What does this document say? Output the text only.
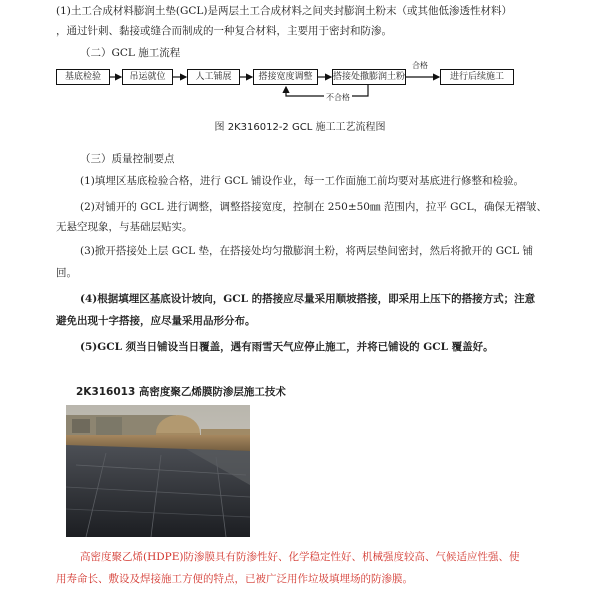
(1)土工合成材料膨润土垫(GCL)是两层土工合成材料之间夹封膨润土粉末（或其他低渗透性材料）

，通过针刺、黏接或缝合而制成的一种复合材料，主要用于密封和防渗。

（二）GCL 施工流程

基底检验	吊运就位	人工铺展	搭接宽度调整	搭接处撒膨润土粉	进行后续施工
合格
不合格
图 2K316012-2 GCL 施工工艺流程图

（三）质量控制要点

(1)填埋区基底检验合格，进行 GCL 铺设作业，每一工作面施工前均要对基底进行修整和检验。

(2)对铺开的 GCL 进行调整，调整搭接宽度，控制在 250±50㎜ 范围内，拉平 GCL，确保无褶皱、

无悬空现象，与基础层贴实。

(3)掀开搭接处上层 GCL 垫，在搭接处均匀撒膨润土粉，将两层垫间密封，然后将掀开的 GCL 铺

回。

(4)根据填埋区基底设计坡向，GCL 的搭接应尽量采用顺坡搭接，即采用上压下的搭接方式；注意

避免出现十字搭接，应尽量采用品形分布。

(5)GCL 须当日铺设当日覆盖，遇有雨雪天气应停止施工，并将已铺设的 GCL 覆盖好。

2K316013 高密度聚乙烯膜防渗层施工技术

高密度聚乙烯(HDPE)防渗膜具有防渗性好、化学稳定性好、机械强度较高、气候适应性强、使

用寿命长、敷设及焊接施工方便的特点，已被广泛用作垃圾填埋场的防渗膜。
